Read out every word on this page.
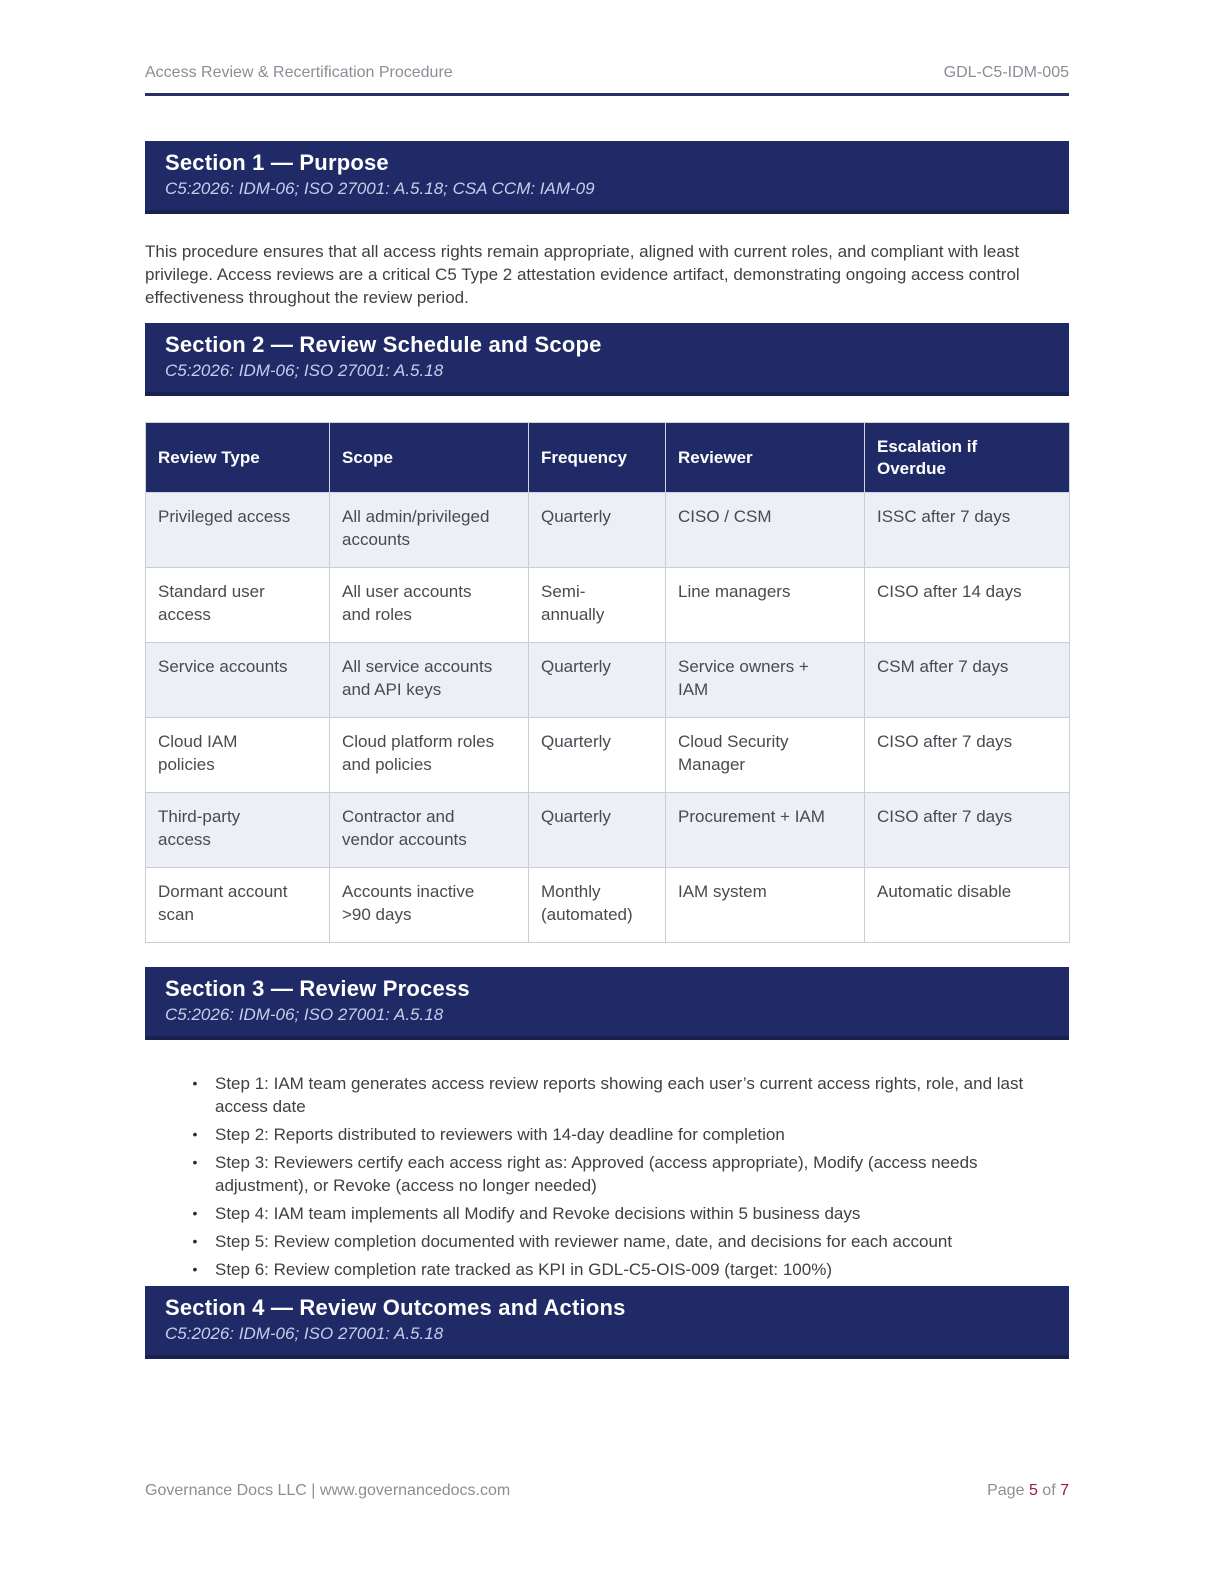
Access Review & Recertification Procedure	GDL-C5-IDM-005
Section 1 — Purpose
C5:2026: IDM-06; ISO 27001: A.5.18; CSA CCM: IAM-09

This procedure ensures that all access rights remain appropriate, aligned with current roles, and compliant with least privilege. Access reviews are a critical C5 Type 2 attestation evidence artifact, demonstrating ongoing access control effectiveness throughout the review period.

Section 2 — Review Schedule and Scope
C5:2026: IDM-06; ISO 27001: A.5.18
Review Type	Scope	Frequency	Reviewer	Escalation if Overdue
Privileged access	All admin/privileged accounts	Quarterly	CISO / CSM	ISSC after 7 days
Standard user access	All user accounts and roles	Semi-annually	Line managers	CISO after 14 days
Service accounts	All service accounts and API keys	Quarterly	Service owners + IAM	CSM after 7 days
Cloud IAM policies	Cloud platform roles and policies	Quarterly	Cloud Security Manager	CISO after 7 days
Third-party access	Contractor and vendor accounts	Quarterly	Procurement + IAM	CISO after 7 days
Dormant account scan	Accounts inactive >90 days	Monthly (automated)	IAM system	Automatic disable
Section 3 — Review Process
C5:2026: IDM-06; ISO 27001: A.5.18
•	Step 1: IAM team generates access review reports showing each user’s current access rights, role, and last access date
•	Step 2: Reports distributed to reviewers with 14-day deadline for completion
•	Step 3: Reviewers certify each access right as: Approved (access appropriate), Modify (access needs adjustment), or Revoke (access no longer needed)
•	Step 4: IAM team implements all Modify and Revoke decisions within 5 business days
•	Step 5: Review completion documented with reviewer name, date, and decisions for each account
•	Step 6: Review completion rate tracked as KPI in GDL-C5-OIS-009 (target: 100%)
Section 4 — Review Outcomes and Actions
C5:2026: IDM-06; ISO 27001: A.5.18
Governance Docs LLC | www.governancedocs.com	Page 5 of 7
